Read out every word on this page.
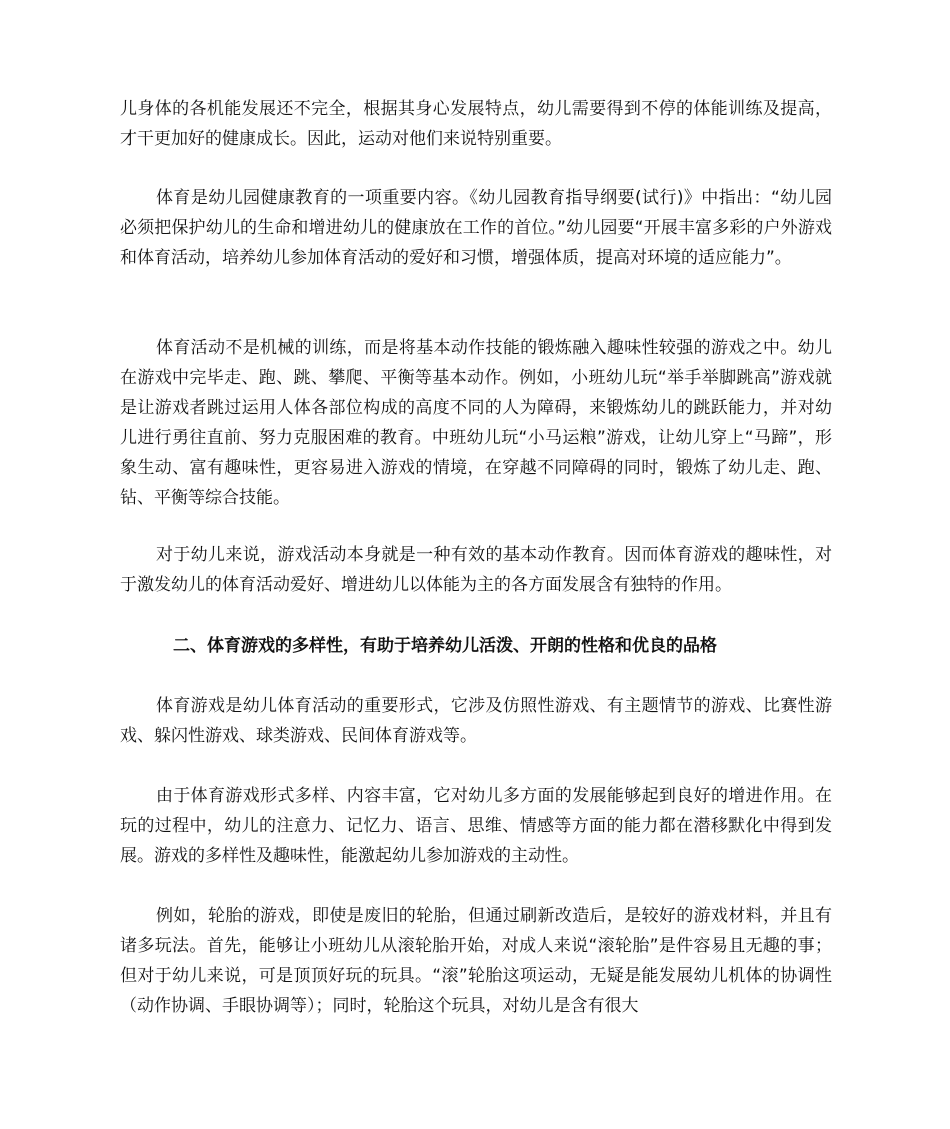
儿身体的各机能发展还不完全，根据其身心发展特点，幼儿需要得到不停的体能训练及提高，才干更加好的健康成长。因此，运动对他们来说特别重要。

体育是幼儿园健康教育的一项重要内容。《幼儿园教育指导纲要(试行)》中指出：“幼儿园必须把保护幼儿的生命和增进幼儿的健康放在工作的首位。”幼儿园要“开展丰富多彩的户外游戏和体育活动，培养幼儿参加体育活动的爱好和习惯，增强体质，提高对环境的适应能力”。

体育活动不是机械的训练，而是将基本动作技能的锻炼融入趣味性较强的游戏之中。幼儿在游戏中完毕走、跑、跳、攀爬、平衡等基本动作。例如，小班幼儿玩“举手举脚跳高”游戏就是让游戏者跳过运用人体各部位构成的高度不同的人为障碍，来锻炼幼儿的跳跃能力，并对幼儿进行勇往直前、努力克服困难的教育。中班幼儿玩“小马运粮”游戏，让幼儿穿上“马蹄”，形象生动、富有趣味性，更容易进入游戏的情境，在穿越不同障碍的同时，锻炼了幼儿走、跑、钻、平衡等综合技能。

对于幼儿来说，游戏活动本身就是一种有效的基本动作教育。因而体育游戏的趣味性，对于激发幼儿的体育活动爱好、增进幼儿以体能为主的各方面发展含有独特的作用。

二、体育游戏的多样性，有助于培养幼儿活泼、开朗的性格和优良的品格

体育游戏是幼儿体育活动的重要形式，它涉及仿照性游戏、有主题情节的游戏、比赛性游戏、躲闪性游戏、球类游戏、民间体育游戏等。

由于体育游戏形式多样、内容丰富，它对幼儿多方面的发展能够起到良好的增进作用。在玩的过程中，幼儿的注意力、记忆力、语言、思维、情感等方面的能力都在潜移默化中得到发展。游戏的多样性及趣味性，能激起幼儿参加游戏的主动性。

例如，轮胎的游戏，即使是废旧的轮胎，但通过刷新改造后，是较好的游戏材料，并且有诸多玩法。首先，能够让小班幼儿从滚轮胎开始，对成人来说“滚轮胎”是件容易且无趣的事；但对于幼儿来说，可是顶顶好玩的玩具。“滚”轮胎这项运动，无疑是能发展幼儿机体的协调性（动作协调、手眼协调等）；同时，轮胎这个玩具，对幼儿是含有很大
